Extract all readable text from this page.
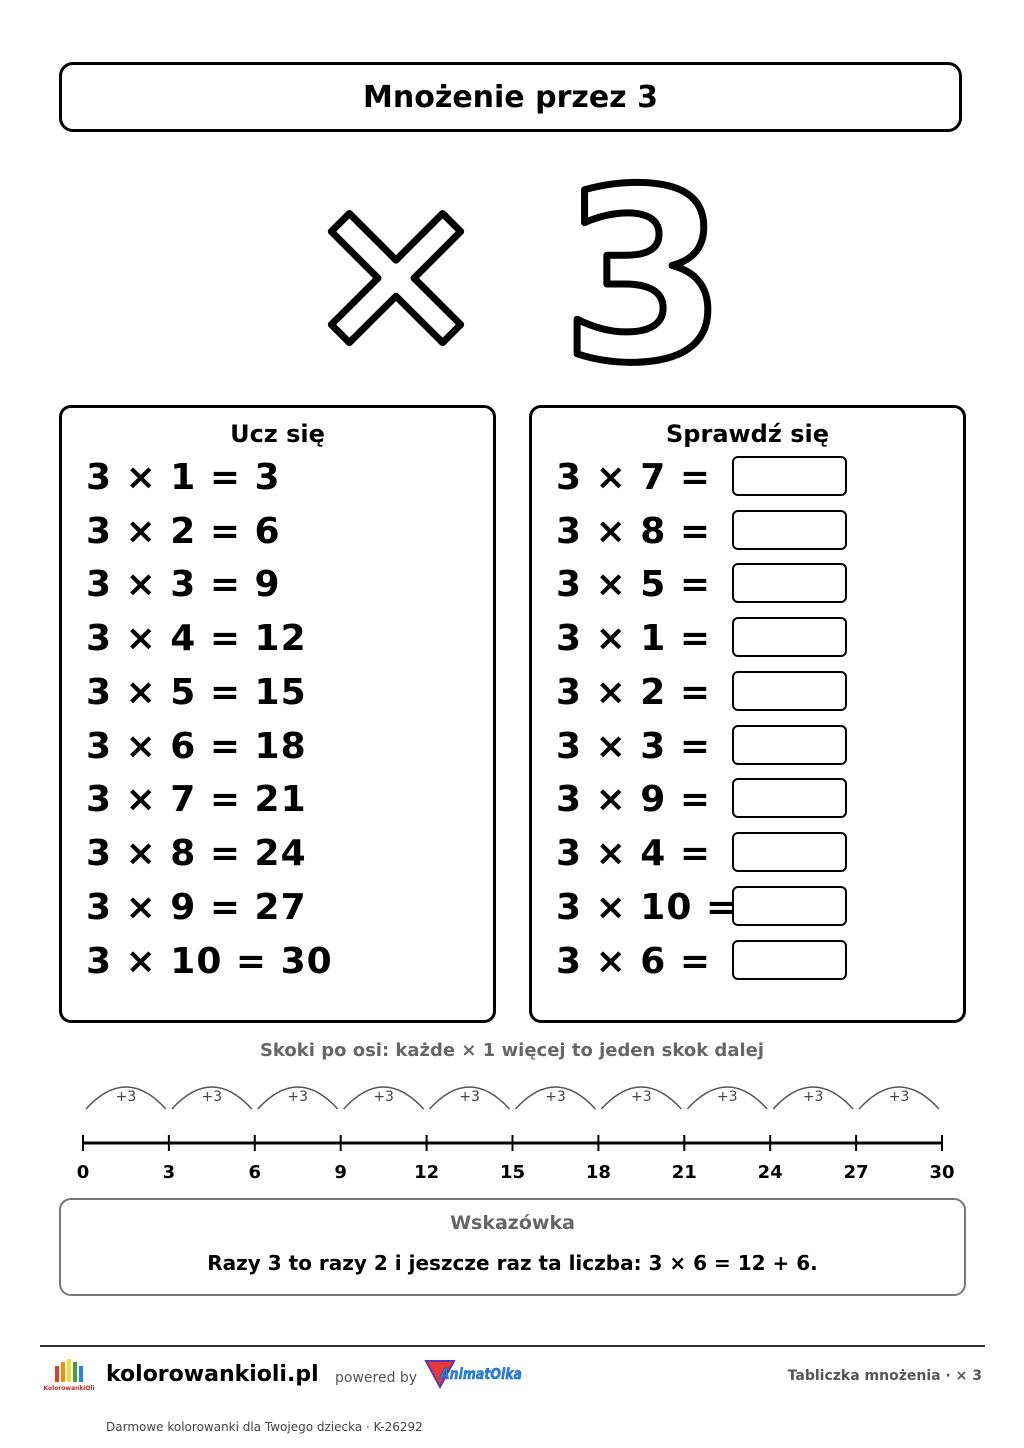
Mnożenie przez 3
× 3
Ucz się
3 × 1 = 3
3 × 2 = 6
3 × 3 = 9
3 × 4 = 12
3 × 5 = 15
3 × 6 = 18
3 × 7 = 21
3 × 8 = 24
3 × 9 = 27
3 × 10 = 30
Sprawdź się
3 × 7 =
3 × 8 =
3 × 5 =
3 × 1 =
3 × 2 =
3 × 3 =
3 × 9 =
3 × 4 =
3 × 10 =
3 × 6 =
Skoki po osi: każde × 1 więcej to jeden skok dalej
0
+3
3
+3
6
+3
9
+3
12
+3
15
+3
18
+3
21
+3
24
+3
27
+3
30
Wskazówka
Razy 3 to razy 2 i jeszcze raz ta liczba: 3 × 6 = 12 + 6.
KolorowankiOli
kolorowankioli.pl powered by AnimatOlka	Tabliczka mnożenia · × 3
Darmowe kolorowanki dla Twojego dziecka · K-26292
